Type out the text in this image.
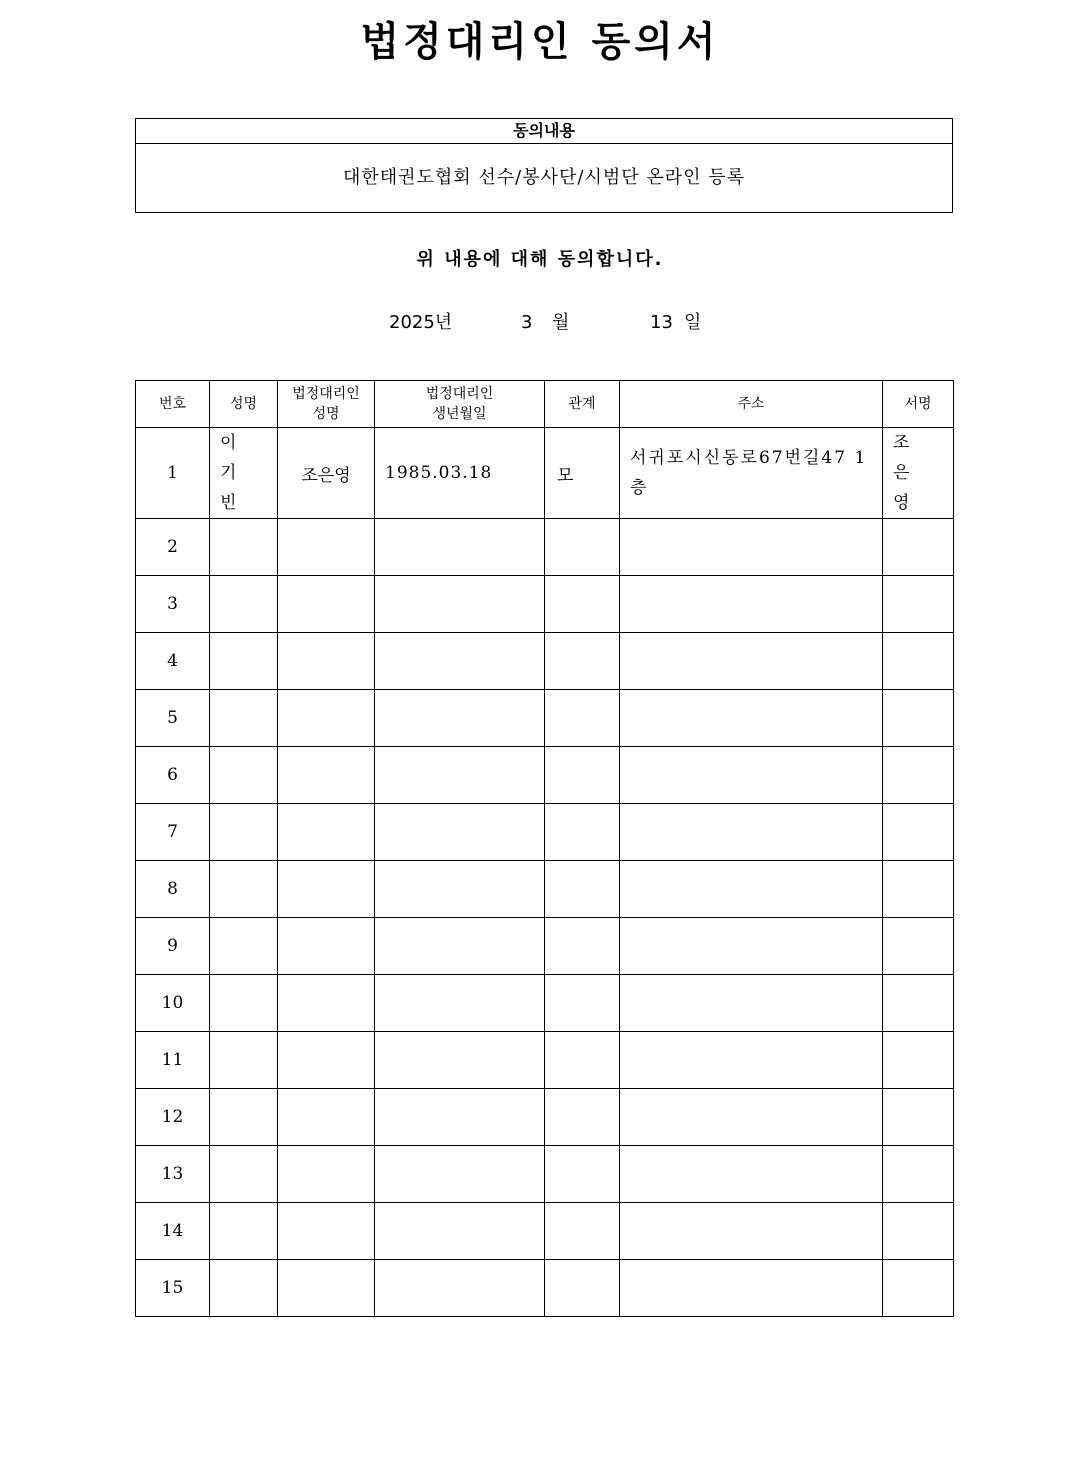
법정대리인 동의서
동의내용
대한태권도협회 선수/봉사단/시범단 온라인 등록
위 내용에 대해 동의합니다.
2025년	3 월	13 일
번호	성명	법정대리인 성명	법정대리인 생년월일	관계	주소	서명
1	이 기 빈	조은영	1985.03.18	모	서귀포시신동로67번길47 1층	조 은 영
2						
3						
4						
5						
6						
7						
8						
9						
10						
11						
12						
13						
14						
15						
